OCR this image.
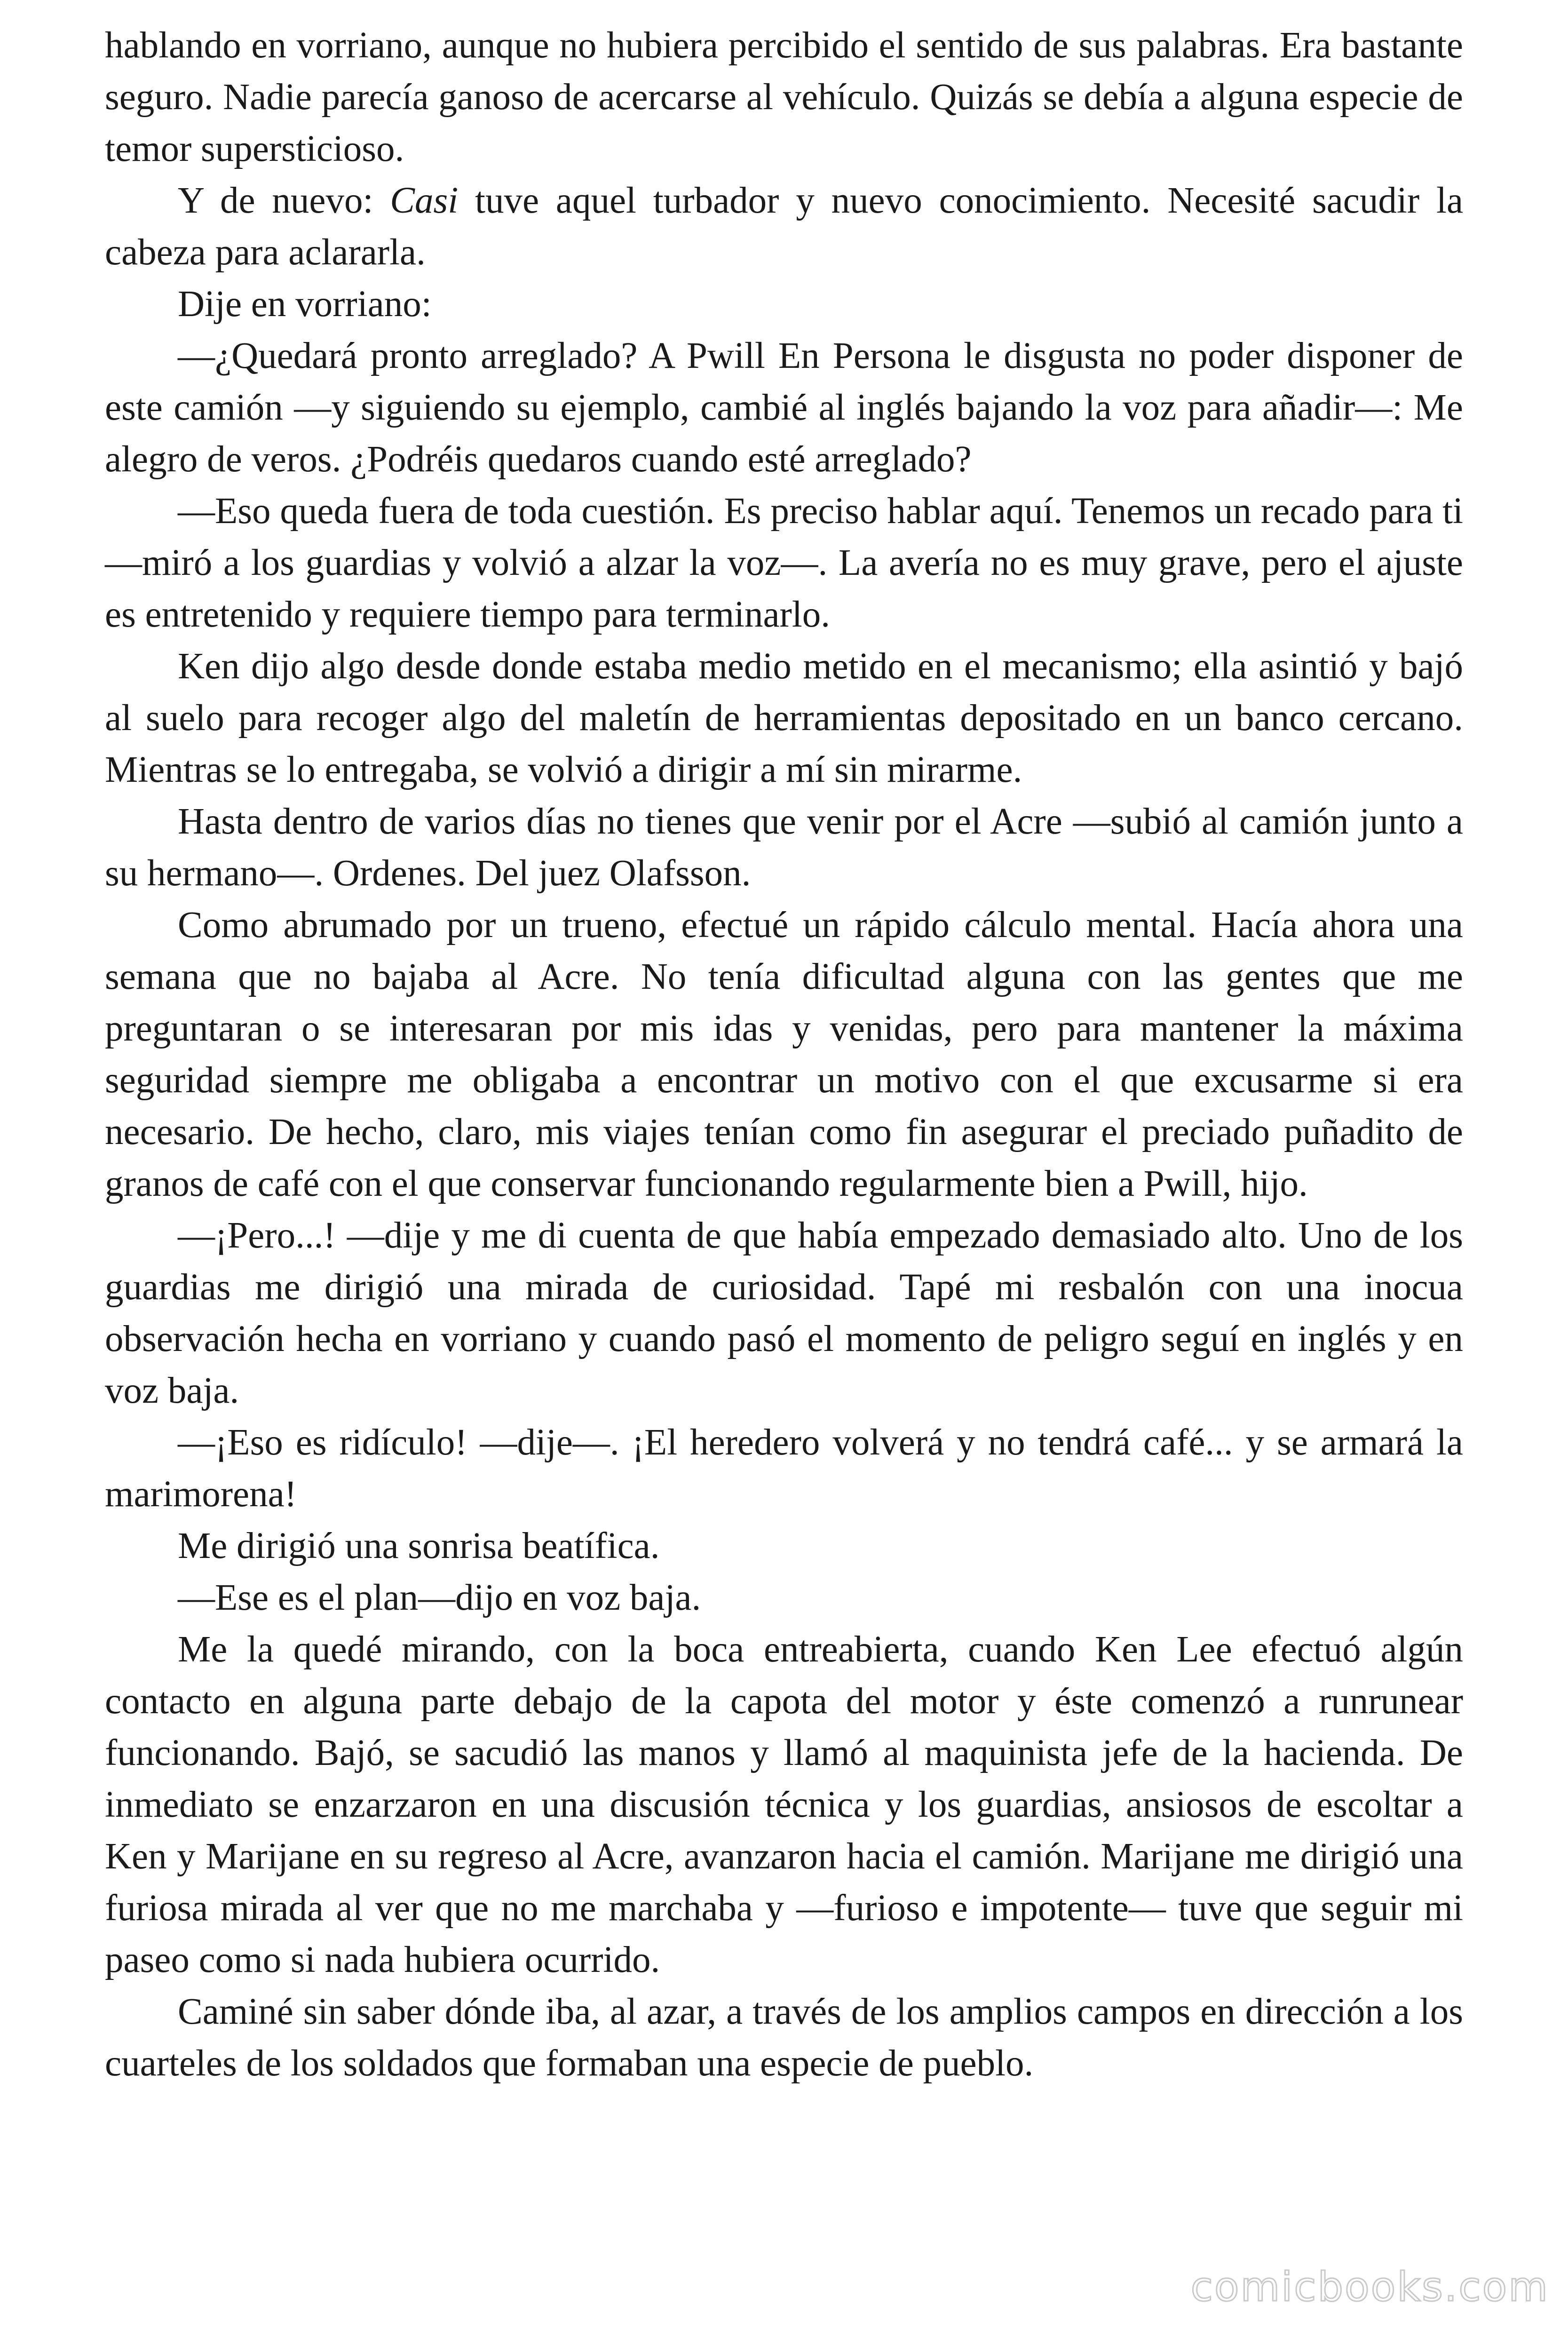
hablando en vorriano, aunque no hubiera percibido el sentido de sus palabras. Era bastante seguro. Nadie parecía ganoso de acercarse al vehículo. Quizás se debía a alguna especie de temor supersticioso.

Y de nuevo: Casi tuve aquel turbador y nuevo conocimiento. Necesité sacudir la cabeza para aclararla.

Dije en vorriano:

—¿Quedará pronto arreglado? A Pwill En Persona le disgusta no poder disponer de este camión —y siguiendo su ejemplo, cambié al inglés bajando la voz para añadir—: Me alegro de veros. ¿Podréis quedaros cuando esté arreglado?

—Eso queda fuera de toda cuestión. Es preciso hablar aquí. Tenemos un recado para ti —miró a los guardias y volvió a alzar la voz—. La avería no es muy grave, pero el ajuste es entretenido y requiere tiempo para terminarlo.

Ken dijo algo desde donde estaba medio metido en el mecanismo; ella asintió y bajó al suelo para recoger algo del maletín de herramientas depositado en un banco cercano. Mientras se lo entregaba, se volvió a dirigir a mí sin mirarme.

Hasta dentro de varios días no tienes que venir por el Acre —subió al camión junto a su hermano—. Ordenes. Del juez Olafsson.

Como abrumado por un trueno, efectué un rápido cálculo mental. Hacía ahora una semana que no bajaba al Acre. No tenía dificultad alguna con las gentes que me preguntaran o se interesaran por mis idas y venidas, pero para mantener la máxima seguridad siempre me obligaba a encontrar un motivo con el que excusarme si era necesario. De hecho, claro, mis viajes tenían como fin asegurar el preciado puñadito de granos de café con el que conservar funcionando regularmente bien a Pwill, hijo.

—¡Pero...! —dije y me di cuenta de que había empezado demasiado alto. Uno de los guardias me dirigió una mirada de curiosidad. Tapé mi resbalón con una inocua observación hecha en vorriano y cuando pasó el momento de peligro seguí en inglés y en voz baja.

—¡Eso es ridículo! —dije—. ¡El heredero volverá y no tendrá café... y se armará la marimorena!

Me dirigió una sonrisa beatífica.

—Ese es el plan—dijo en voz baja.

Me la quedé mirando, con la boca entreabierta, cuando Ken Lee efectuó algún contacto en alguna parte debajo de la capota del motor y éste comenzó a runrunear funcionando. Bajó, se sacudió las manos y llamó al maquinista jefe de la hacienda. De inmediato se enzarzaron en una discusión técnica y los guardias, ansiosos de escoltar a Ken y Marijane en su regreso al Acre, avanzaron hacia el camión. Marijane me dirigió una furiosa mirada al ver que no me marchaba y —furioso e impotente— tuve que seguir mi paseo como si nada hubiera ocurrido.

Caminé sin saber dónde iba, al azar, a través de los amplios campos en dirección a los cuarteles de los soldados que formaban una especie de pueblo.

comicbooks.com
